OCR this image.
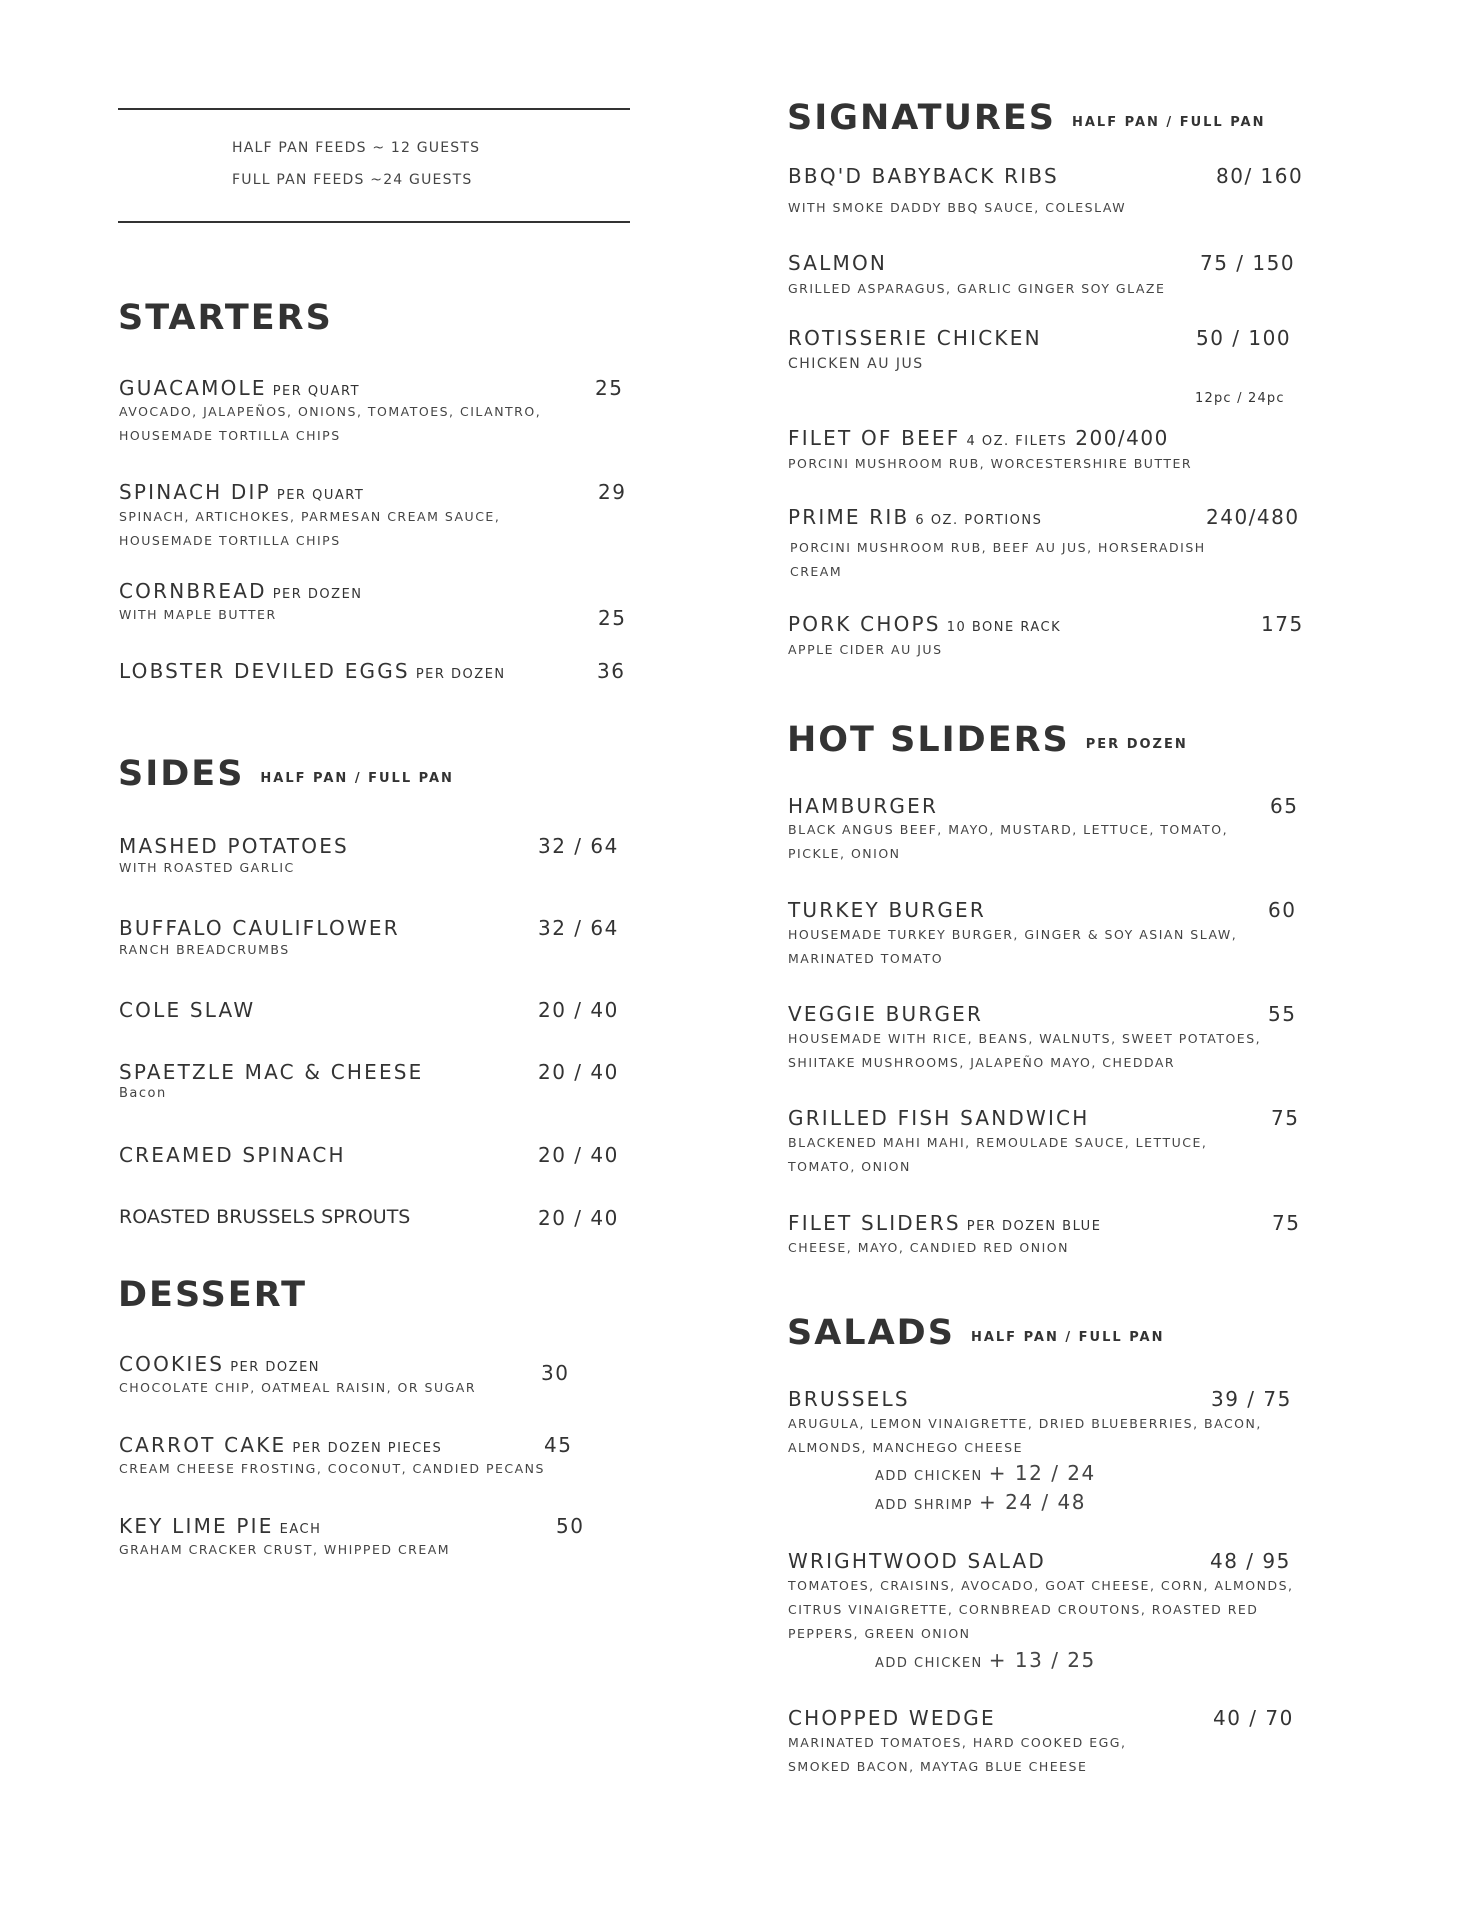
HALF PAN FEEDS ~ 12 GUESTS
FULL PAN FEEDS ~24 GUESTS
STARTERS
GUACAMOLE PER QUART	25
AVOCADO, JALAPEÑOS, ONIONS, TOMATOES, CILANTRO,
HOUSEMADE TORTILLA CHIPS
SPINACH DIP PER QUART	29
SPINACH, ARTICHOKES, PARMESAN CREAM SAUCE,
HOUSEMADE TORTILLA CHIPS
CORNBREAD PER DOZEN
WITH MAPLE BUTTER	25
LOBSTER DEVILED EGGS PER DOZEN	36
SIDES HALF PAN / FULL PAN
MASHED POTATOES	32 / 64
WITH ROASTED GARLIC
BUFFALO CAULIFLOWER	32 / 64
RANCH BREADCRUMBS
COLE SLAW	20 / 40
SPAETZLE MAC & CHEESE	20 / 40
Bacon
CREAMED SPINACH	20 / 40
ROASTED BRUSSELS SPROUTS	20 / 40
DESSERT
COOKIES PER DOZEN	30
CHOCOLATE CHIP, OATMEAL RAISIN, OR SUGAR
CARROT CAKE PER DOZEN PIECES	45
CREAM CHEESE FROSTING, COCONUT, CANDIED PECANS
KEY LIME PIE EACH	50
GRAHAM CRACKER CRUST, WHIPPED CREAM
SIGNATURES HALF PAN / FULL PAN
BBQ'D BABYBACK RIBS	80/ 160
WITH SMOKE DADDY BBQ SAUCE, COLESLAW
SALMON	75 / 150
GRILLED ASPARAGUS, GARLIC GINGER SOY GLAZE
ROTISSERIE CHICKEN	50 / 100
CHICKEN AU JUS
12pc / 24pc
FILET OF BEEF 4 OZ. FILETS 200/400
PORCINI MUSHROOM RUB, WORCESTERSHIRE BUTTER
PRIME RIB 6 OZ. PORTIONS	240/480
PORCINI MUSHROOM RUB, BEEF AU JUS, HORSERADISH
CREAM
PORK CHOPS 10 BONE RACK	175
APPLE CIDER AU JUS
HOT SLIDERS PER DOZEN
HAMBURGER	65
BLACK ANGUS BEEF, MAYO, MUSTARD, LETTUCE, TOMATO,
PICKLE, ONION
TURKEY BURGER	60
HOUSEMADE TURKEY BURGER, GINGER & SOY ASIAN SLAW,
MARINATED TOMATO
VEGGIE BURGER	55
HOUSEMADE WITH RICE, BEANS, WALNUTS, SWEET POTATOES,
SHIITAKE MUSHROOMS, JALAPEÑO MAYO, CHEDDAR
GRILLED FISH SANDWICH	75
BLACKENED MAHI MAHI, REMOULADE SAUCE, LETTUCE,
TOMATO, ONION
FILET SLIDERS PER DOZEN BLUE	75
CHEESE, MAYO, CANDIED RED ONION
SALADS HALF PAN / FULL PAN
BRUSSELS	39 / 75
ARUGULA, LEMON VINAIGRETTE, DRIED BLUEBERRIES, BACON,
ALMONDS, MANCHEGO CHEESE
ADD CHICKEN + 12 / 24
ADD SHRIMP + 24 / 48
WRIGHTWOOD SALAD	48 / 95
TOMATOES, CRAISINS, AVOCADO, GOAT CHEESE, CORN, ALMONDS,
CITRUS VINAIGRETTE, CORNBREAD CROUTONS, ROASTED RED
PEPPERS, GREEN ONION
ADD CHICKEN + 13 / 25
CHOPPED WEDGE	40 / 70
MARINATED TOMATOES, HARD COOKED EGG,
SMOKED BACON, MAYTAG BLUE CHEESE
